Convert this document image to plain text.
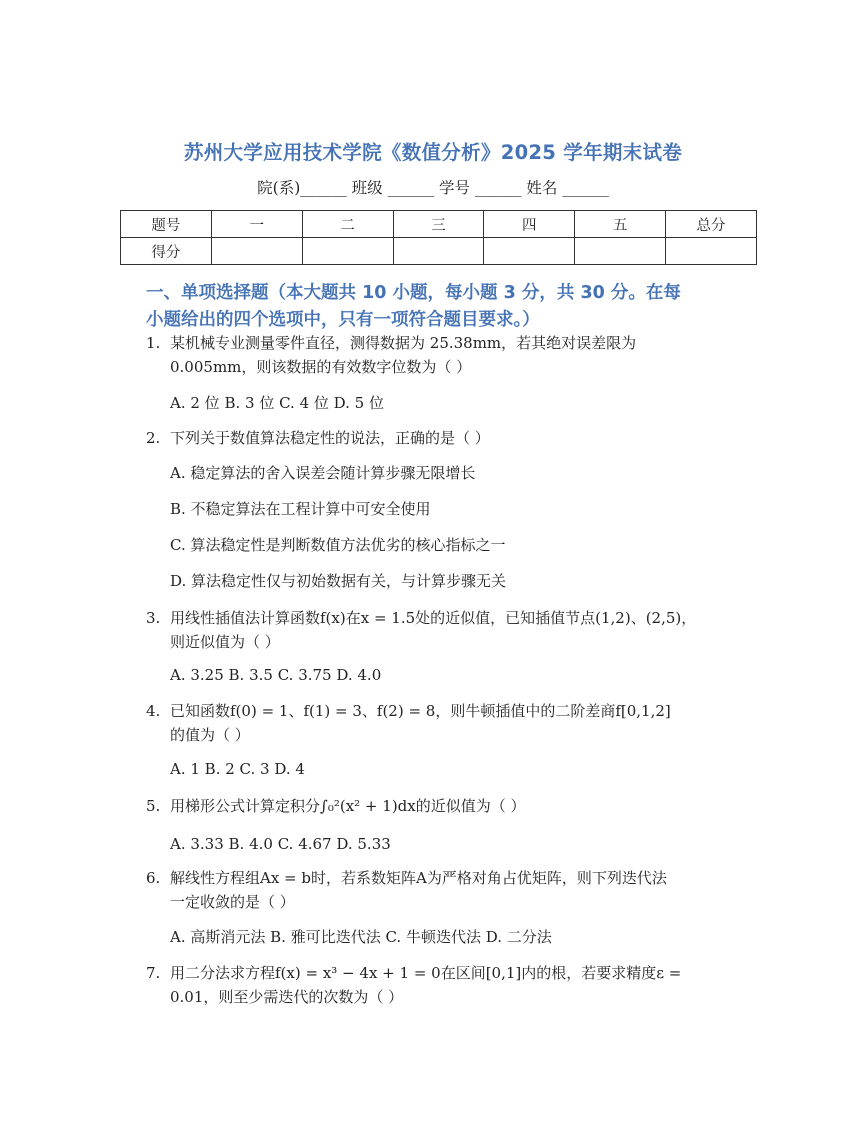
苏州大学应用技术学院《数值分析》2025 学年期末试卷
院(系)______ 班级 ______ 学号 ______ 姓名 ______
题号	一	二	三	四	五	总分
得分						
一、单项选择题（本大题共 10 小题，每小题 3 分，共 30 分。在每
小题给出的四个选项中，只有一项符合题目要求。）
1. 某机械专业测量零件直径，测得数据为 25.38mm，若其绝对误差限为
0.005mm，则该数据的有效数字位数为（ ）
A. 2 位 B. 3 位 C. 4 位 D. 5 位
2. 下列关于数值算法稳定性的说法，正确的是（ ）
A. 稳定算法的舍入误差会随计算步骤无限增长
B. 不稳定算法在工程计算中可安全使用
C. 算法稳定性是判断数值方法优劣的核心指标之一
D. 算法稳定性仅与初始数据有关，与计算步骤无关
3. 用线性插值法计算函数f(x)在x = 1.5处的近似值，已知插值节点(1,2)、(2,5)，
则近似值为（ ）
A. 3.25 B. 3.5 C. 3.75 D. 4.0
4. 已知函数f(0) = 1、f(1) = 3、f(2) = 8，则牛顿插值中的二阶差商f[0,1,2]
的值为（ ）
A. 1 B. 2 C. 3 D. 4
5. 用梯形公式计算定积分∫₀²(x² + 1)dx的近似值为（ ）
A. 3.33 B. 4.0 C. 4.67 D. 5.33
6. 解线性方程组Ax = b时，若系数矩阵A为严格对角占优矩阵，则下列迭代法
一定收敛的是（ ）
A. 高斯消元法 B. 雅可比迭代法 C. 牛顿迭代法 D. 二分法
7. 用二分法求方程f(x) = x³ − 4x + 1 = 0在区间[0,1]内的根，若要求精度ε =
0.01，则至少需迭代的次数为（ ）
